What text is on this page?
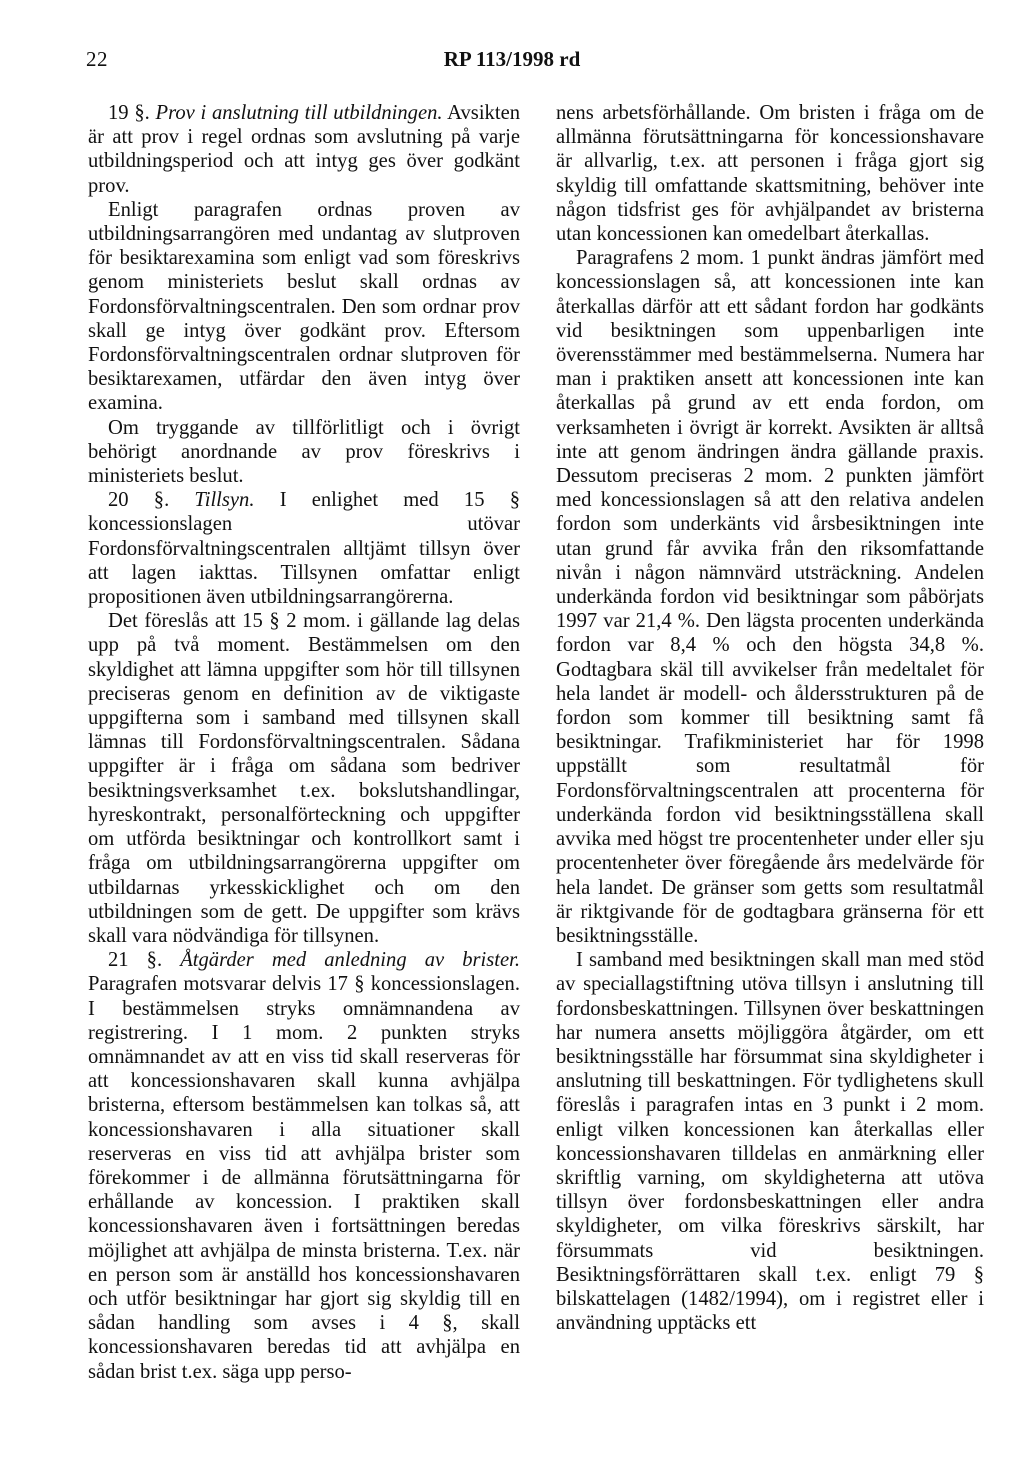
22	RP 113/1998 rd

19 §. Prov i anslutning till utbildningen. Avsikten är att prov i regel ordnas som avslutning på varje utbildningsperiod och att intyg ges över godkänt prov.

Enligt paragrafen ordnas proven av utbildningsarrangören med undantag av slutproven för besiktarexamina som enligt vad som föreskrivs genom ministeriets beslut skall ordnas av Fordonsförvaltningscentralen. Den som ordnar prov skall ge intyg över godkänt prov. Eftersom Fordonsförvaltningscentralen ordnar slutproven för besiktarexamen, utfärdar den även intyg över examina.

Om tryggande av tillförlitligt och i övrigt behörigt anordnande av prov föreskrivs i ministeriets beslut.

20 §. Tillsyn. I enlighet med 15 § koncessionslagen utövar Fordonsförvaltningscentralen alltjämt tillsyn över att lagen iakttas. Tillsynen omfattar enligt propositionen även utbildningsarrangörerna.

Det föreslås att 15 § 2 mom. i gällande lag delas upp på två moment. Bestämmelsen om den skyldighet att lämna uppgifter som hör till tillsynen preciseras genom en definition av de viktigaste uppgifterna som i samband med tillsynen skall lämnas till Fordonsförvaltningscentralen. Sådana uppgifter är i fråga om sådana som bedriver besiktningsverksamhet t.ex. bokslutshandlingar, hyreskontrakt, personalförteckning och uppgifter om utförda besiktningar och kontrollkort samt i fråga om utbildningsarrangörerna uppgifter om utbildarnas yrkesskicklighet och om den utbildningen som de gett. De uppgifter som krävs skall vara nödvändiga för tillsynen.

21 §. Åtgärder med anledning av brister. Paragrafen motsvarar delvis 17 § koncessionslagen. I bestämmelsen stryks omnämnandena av registrering. I 1 mom. 2 punkten stryks omnämnandet av att en viss tid skall reserveras för att koncessionshavaren skall kunna avhjälpa bristerna, eftersom bestämmelsen kan tolkas så, att koncessionshavaren i alla situationer skall reserveras en viss tid att avhjälpa brister som förekommer i de allmänna förutsättningarna för erhållande av koncession. I praktiken skall koncessionshavaren även i fortsättningen beredas möjlighet att avhjälpa de minsta bristerna. T.ex. när en person som är anställd hos koncessionshavaren och utför besiktningar har gjort sig skyldig till en sådan handling som avses i 4 §, skall koncessionshavaren beredas tid att avhjälpa en sådan brist t.ex. säga upp perso-

nens arbetsförhållande. Om bristen i fråga om de allmänna förutsättningarna för koncessionshavare är allvarlig, t.ex. att personen i fråga gjort sig skyldig till omfattande skattsmitning, behöver inte någon tidsfrist ges för avhjälpandet av bristerna utan koncessionen kan omedelbart återkallas.

Paragrafens 2 mom. 1 punkt ändras jämfört med koncessionslagen så, att koncessionen inte kan återkallas därför att ett sådant fordon har godkänts vid besiktningen som uppenbarligen inte överensstämmer med bestämmelserna. Numera har man i praktiken ansett att koncessionen inte kan återkallas på grund av ett enda fordon, om verksamheten i övrigt är korrekt. Avsikten är alltså inte att genom ändringen ändra gällande praxis. Dessutom preciseras 2 mom. 2 punkten jämfört med koncessionslagen så att den relativa andelen fordon som underkänts vid årsbesiktningen inte utan grund får avvika från den riksomfattande nivån i någon nämnvärd utsträckning. Andelen underkända fordon vid besiktningar som påbörjats 1997 var 21,4 %. Den lägsta procenten underkända fordon var 8,4 % och den högsta 34,8 %. Godtagbara skäl till avvikelser från medeltalet för hela landet är modell- och åldersstrukturen på de fordon som kommer till besiktning samt få besiktningar. Trafikministeriet har för 1998 uppställt som resultatmål för Fordonsförvaltningscentralen att procenterna för underkända fordon vid besiktningsställena skall avvika med högst tre procentenheter under eller sju procentenheter över föregående års medelvärde för hela landet. De gränser som getts som resultatmål är riktgivande för de godtagbara gränserna för ett besiktningsställe.

I samband med besiktningen skall man med stöd av speciallagstiftning utöva tillsyn i anslutning till fordonsbeskattningen. Tillsynen över beskattningen har numera ansetts möjliggöra åtgärder, om ett besiktningsställe har försummat sina skyldigheter i anslutning till beskattningen. För tydlighetens skull föreslås i paragrafen intas en 3 punkt i 2 mom. enligt vilken koncessionen kan återkallas eller koncessionshavaren tilldelas en anmärkning eller skriftlig varning, om skyldigheterna att utöva tillsyn över fordonsbeskattningen eller andra skyldigheter, om vilka föreskrivs särskilt, har försummats vid besiktningen. Besiktningsförrättaren skall t.ex. enligt 79 § bilskattelagen (1482/1994), om i registret eller i användning upptäcks ett
